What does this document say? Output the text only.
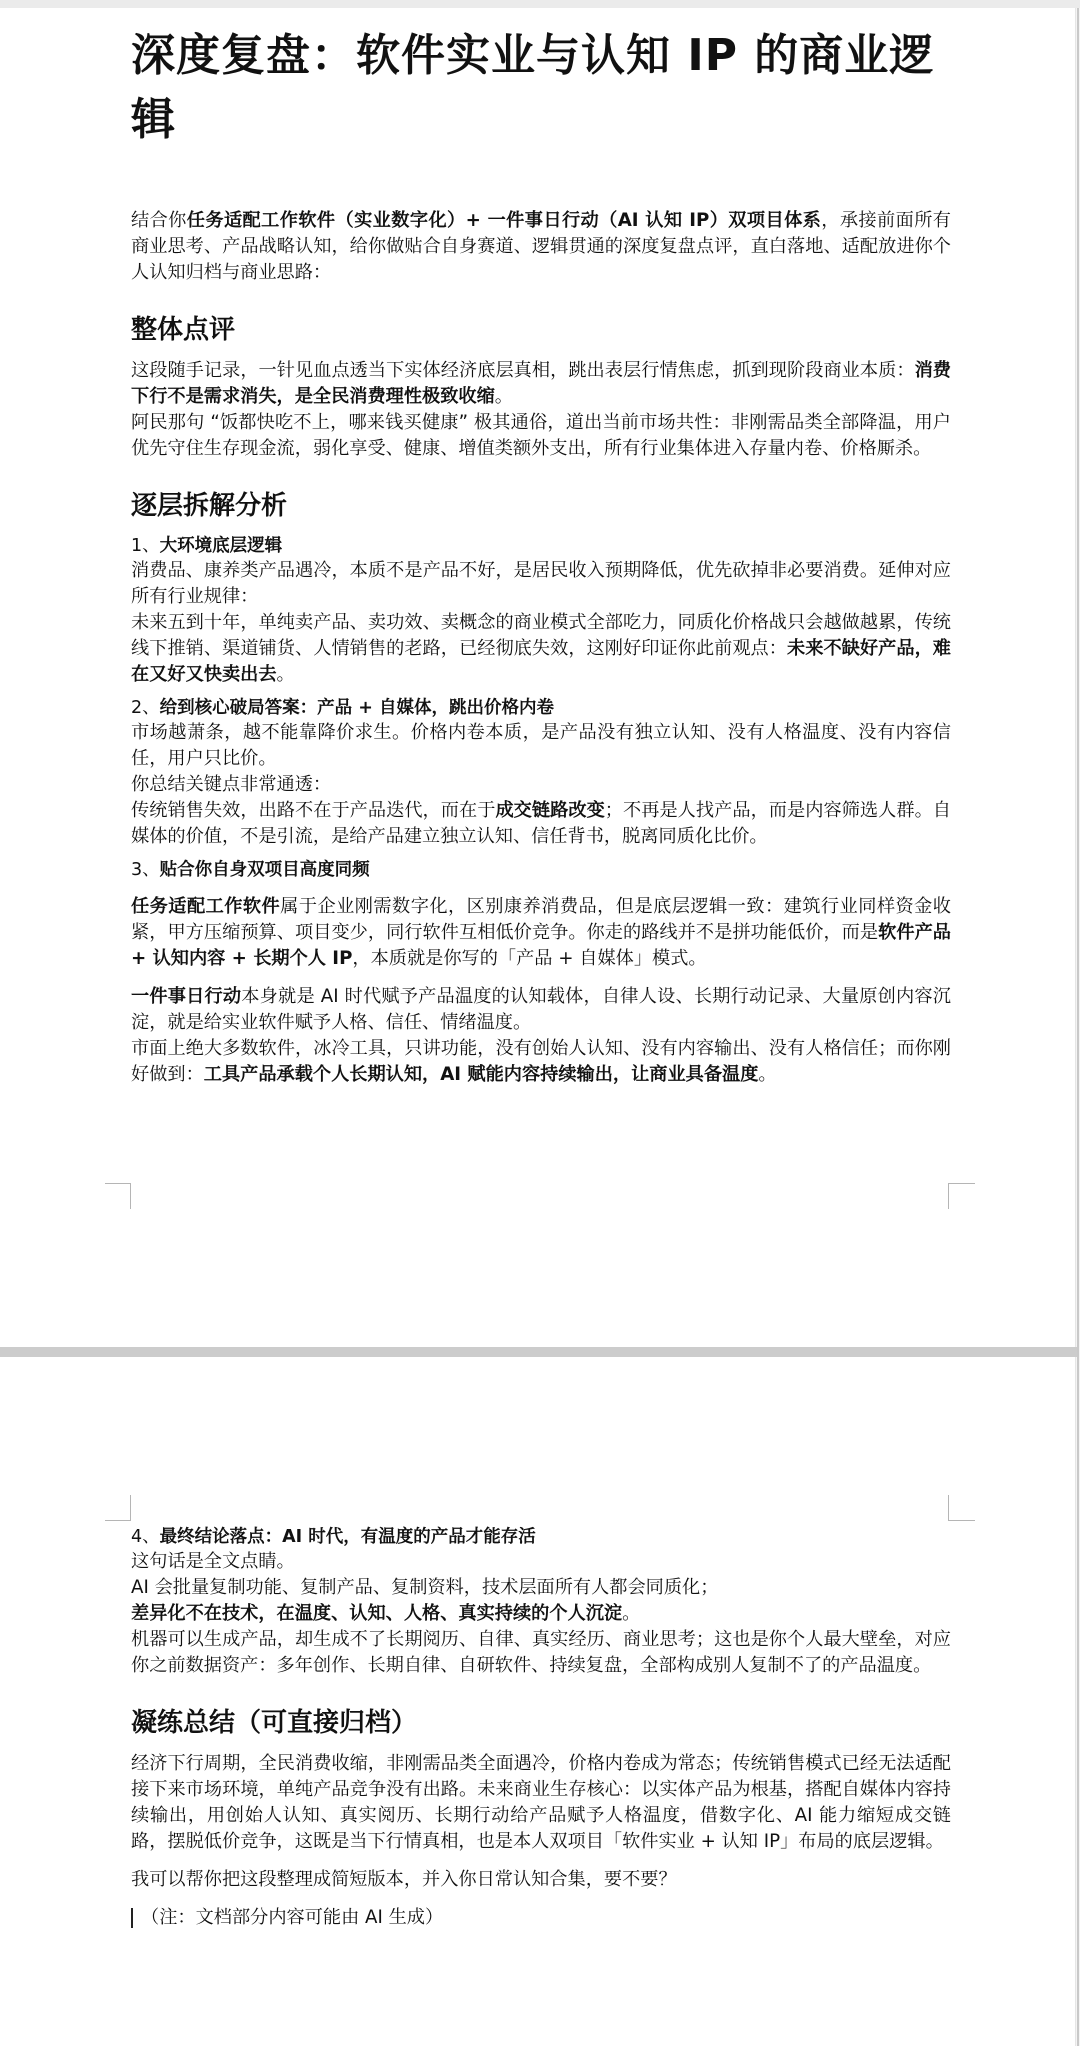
深度复盘：软件实业与认知 IP 的商业逻辑

结合你任务适配工作软件（实业数字化）+ 一件事日行动（AI 认知 IP）双项目体系，承接前面所有商业思考、产品战略认知，给你做贴合自身赛道、逻辑贯通的深度复盘点评，直白落地、适配放进你个人认知归档与商业思路：

整体点评

这段随手记录，一针见血点透当下实体经济底层真相，跳出表层行情焦虑，抓到现阶段商业本质：消费下行不是需求消失，是全民消费理性极致收缩。

阿民那句 “饭都快吃不上，哪来钱买健康” 极其通俗，道出当前市场共性：非刚需品类全部降温，用户优先守住生存现金流，弱化享受、健康、增值类额外支出，所有行业集体进入存量内卷、价格厮杀。

逐层拆解分析

1、大环境底层逻辑

消费品、康养类产品遇冷，本质不是产品不好，是居民收入预期降低，优先砍掉非必要消费。延伸对应所有行业规律：

未来五到十年，单纯卖产品、卖功效、卖概念的商业模式全部吃力，同质化价格战只会越做越累，传统线下推销、渠道铺货、人情销售的老路，已经彻底失效，这刚好印证你此前观点：未来不缺好产品，难在又好又快卖出去。

2、给到核心破局答案：产品 + 自媒体，跳出价格内卷

市场越萧条，越不能靠降价求生。价格内卷本质，是产品没有独立认知、没有人格温度、没有内容信任，用户只比价。

你总结关键点非常通透：

传统销售失效，出路不在于产品迭代，而在于成交链路改变；不再是人找产品，而是内容筛选人群。自媒体的价值，不是引流，是给产品建立独立认知、信任背书，脱离同质化比价。

3、贴合你自身双项目高度同频

任务适配工作软件属于企业刚需数字化，区别康养消费品，但是底层逻辑一致：建筑行业同样资金收紧，甲方压缩预算、项目变少，同行软件互相低价竞争。你走的路线并不是拼功能低价，而是软件产品 + 认知内容 + 长期个人 IP，本质就是你写的「产品 + 自媒体」模式。

一件事日行动本身就是 AI 时代赋予产品温度的认知载体，自律人设、长期行动记录、大量原创内容沉淀，就是给实业软件赋予人格、信任、情绪温度。

市面上绝大多数软件，冰冷工具，只讲功能，没有创始人认知、没有内容输出、没有人格信任；而你刚好做到：工具产品承载个人长期认知，AI 赋能内容持续输出，让商业具备温度。

4、最终结论落点：AI 时代，有温度的产品才能存活

这句话是全文点睛。

AI 会批量复制功能、复制产品、复制资料，技术层面所有人都会同质化；

差异化不在技术，在温度、认知、人格、真实持续的个人沉淀。

机器可以生成产品，却生成不了长期阅历、自律、真实经历、商业思考；这也是你个人最大壁垒，对应你之前数据资产：多年创作、长期自律、自研软件、持续复盘，全部构成别人复制不了的产品温度。

凝练总结（可直接归档）

经济下行周期，全民消费收缩，非刚需品类全面遇冷，价格内卷成为常态；传统销售模式已经无法适配接下来市场环境，单纯产品竞争没有出路。未来商业生存核心：以实体产品为根基，搭配自媒体内容持续输出，用创始人认知、真实阅历、长期行动给产品赋予人格温度，借数字化、AI 能力缩短成交链路，摆脱低价竞争，这既是当下行情真相，也是本人双项目「软件实业 + 认知 IP」布局的底层逻辑。

我可以帮你把这段整理成简短版本，并入你日常认知合集，要不要？

（注：文档部分内容可能由 AI 生成）
